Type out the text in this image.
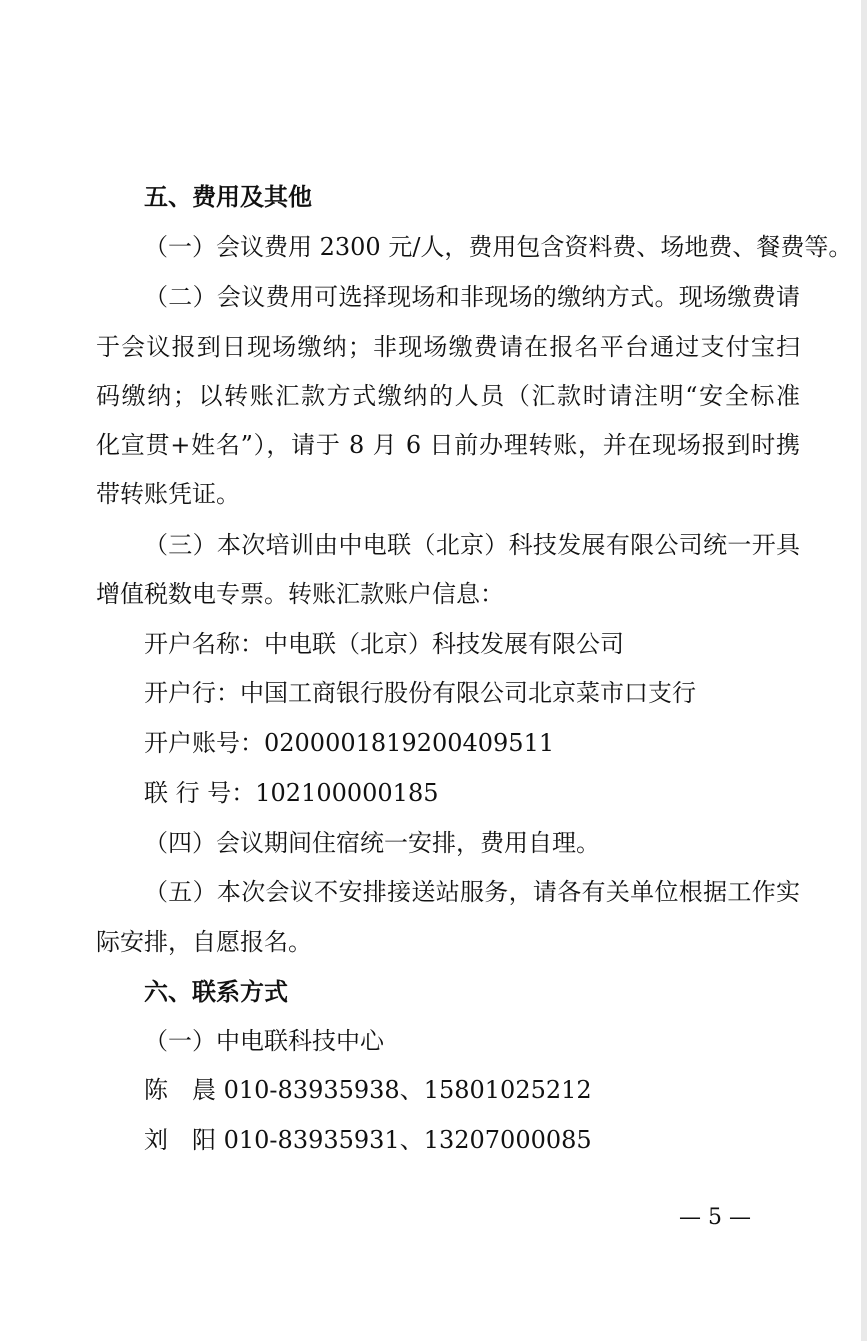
五、费用及其他
（一）会议费用 2300 元/人，费用包含资料费、场地费、餐费等。
（二）会议费用可选择现场和非现场的缴纳方式。现场缴费请
于会议报到日现场缴纳；非现场缴费请在报名平台通过支付宝扫
码缴纳；以转账汇款方式缴纳的人员（汇款时请注明“安全标准
化宣贯+姓名”），请于 8 月 6 日前办理转账，并在现场报到时携
带转账凭证。
（三）本次培训由中电联（北京）科技发展有限公司统一开具
增值税数电专票。转账汇款账户信息：
开户名称：中电联（北京）科技发展有限公司
开户行：中国工商银行股份有限公司北京菜市口支行
开户账号：0200001819200409511
联 行 号：102100000185
（四）会议期间住宿统一安排，费用自理。
（五）本次会议不安排接送站服务，请各有关单位根据工作实
际安排，自愿报名。
六、联系方式
（一）中电联科技中心
陈　晨 010-83935938、15801025212
刘　阳 010-83935931、13207000085
— 5 —
